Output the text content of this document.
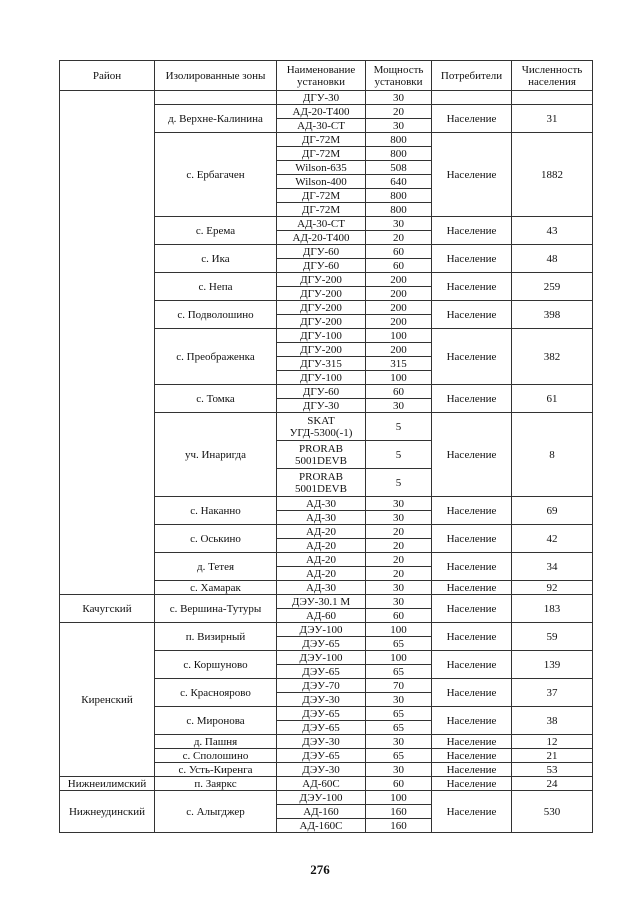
Район	Изолированные зоны	Наименование установки	Мощность установки	Потребители	Численность населения
		ДГУ-30	30		
	д. Верхне-Калинина	АД-20-Т400	20	Население	31
		АД-30-СТ	30		
	с. Ербагачен	ДГ-72М	800	Население	1882
		ДГ-72М	800		
		Wilson-635	508		
		Wilson-400	640		
		ДГ-72М	800		
		ДГ-72М	800		
	с. Ерема	АД-30-СТ	30	Население	43
		АД-20-Т400	20		
	с. Ика	ДГУ-60	60	Население	48
		ДГУ-60	60		
	с. Непа	ДГУ-200	200	Население	259
		ДГУ-200	200		
	с. Подволошино	ДГУ-200	200	Население	398
		ДГУ-200	200		
	с. Преображенка	ДГУ-100	100	Население	382
		ДГУ-200	200		
		ДГУ-315	315		
		ДГУ-100	100		
	с. Томка	ДГУ-60	60	Население	61
		ДГУ-30	30		
	уч. Инаригда	SKAT УГД-5300(-1)	5	Население	8
		PRORAB 5001DEVB	5		
		PRORAB 5001DEVB	5		
	с. Наканно	АД-30	30	Население	69
		АД-30	30		
	с. Оськино	АД-20	20	Население	42
		АД-20	20		
	д. Тетея	АД-20	20	Население	34
		АД-20	20		
	с. Хамарак	АД-30	30	Население	92
Качугский	с. Вершина-Тутуры	ДЭУ-30.1 М	30	Население	183
		АД-60	60		
Киренский	п. Визирный	ДЭУ-100	100	Население	59
		ДЭУ-65	65		
	с. Коршуново	ДЭУ-100	100	Население	139
		ДЭУ-65	65		
	с. Красноярово	ДЭУ-70	70	Население	37
		ДЭУ-30	30		
	с. Миронова	ДЭУ-65	65	Население	38
		ДЭУ-65	65		
	д. Пашня	ДЭУ-30	30	Население	12
	с. Сполошино	ДЭУ-65	65	Население	21
	с. Усть-Киренга	ДЭУ-30	30	Население	53
Нижнеилимский	п. Заяркс	АД-60С	60	Население	24
Нижнеудинский	с. Алыгджер	ДЭУ-100	100	Население	530
		АД-160	160		
		АД-160С	160		
276
